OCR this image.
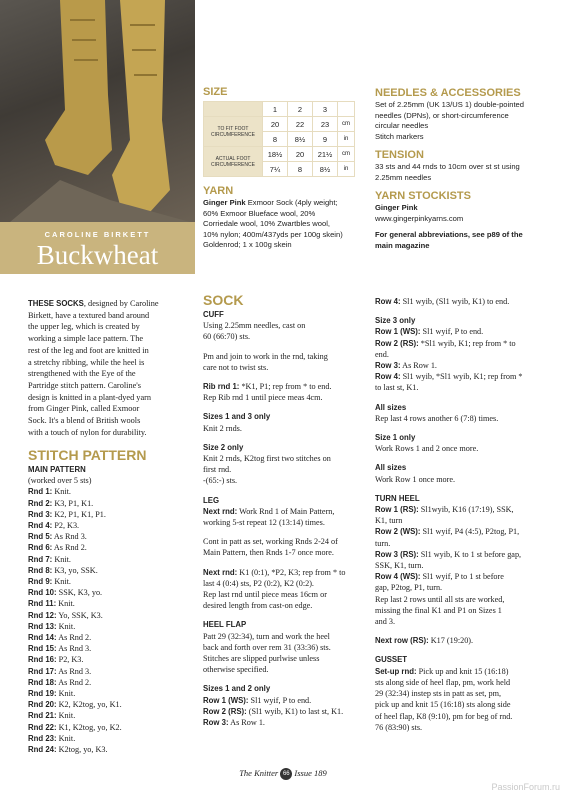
CAROLINE BIRKETT
Buckwheat
SIZE
	1	2	3	
TO FIT FOOT CIRCUMFERENCE	20	22	23	cm
	8	8½	9	in
ACTUAL FOOT CIRCUMFERENCE	18½	20	21½	cm
	7¼	8	8½	in
YARN
Ginger Pink Exmoor Sock (4ply weight;
60% Exmoor Blueface wool, 20%
Corriedale wool, 10% Zwartbles wool,
10% nylon; 400m/437yds per 100g skein)
Goldenrod; 1 x 100g skein
NEEDLES & ACCESSORIES
Set of 2.25mm (UK 13/US 1) double-pointed
needles (DPNs), or short-circumference
circular needles
Stitch markers
TENSION
33 sts and 44 rnds to 10cm over st st using
2.25mm needles
YARN STOCKISTS
Ginger Pink
www.gingerpinkyarns.com
For general abbreviations, see p89 of the
main magazine
THESE SOCKS, designed by Caroline
Birkett, have a textured band around
the upper leg, which is created by
working a simple lace pattern. The
rest of the leg and foot are knitted in
a stretchy ribbing, while the heel is
strengthened with the Eye of the
Partridge stitch pattern. Caroline's
design is knitted in a plant-dyed yarn
from Ginger Pink, called Exmoor
Sock. It's a blend of British wools
with a touch of nylon for durability.
STITCH PATTERN
MAIN PATTERN
(worked over 5 sts)
Rnd 1: Knit.
Rnd 2: K3, P1, K1.
Rnd 3: K2, P1, K1, P1.
Rnd 4: P2, K3.
Rnd 5: As Rnd 3.
Rnd 6: As Rnd 2.
Rnd 7: Knit.
Rnd 8: K3, yo, SSK.
Rnd 9: Knit.
Rnd 10: SSK, K3, yo.
Rnd 11: Knit.
Rnd 12: Yo, SSK, K3.
Rnd 13: Knit.
Rnd 14: As Rnd 2.
Rnd 15: As Rnd 3.
Rnd 16: P2, K3.
Rnd 17: As Rnd 3.
Rnd 18: As Rnd 2.
Rnd 19: Knit.
Rnd 20: K2, K2tog, yo, K1.
Rnd 21: Knit.
Rnd 22: K1, K2tog, yo, K2.
Rnd 23: Knit.
Rnd 24: K2tog, yo, K3.
SOCK
CUFF
Using 2.25mm needles, cast on
60 (66:70) sts.
Pm and join to work in the rnd, taking
care not to twist sts.
Rib rnd 1: *K1, P1; rep from * to end.
Rep Rib rnd 1 until piece meas 4cm.
Sizes 1 and 3 only
Knit 2 rnds.
Size 2 only
Knit 2 rnds, K2tog first two stitches on
first rnd.
-(65:-) sts.
LEG
Next rnd: Work Rnd 1 of Main Pattern,
working 5-st repeat 12 (13:14) times.
Cont in patt as set, working Rnds 2-24 of
Main Pattern, then Rnds 1-7 once more.
Next rnd: K1 (0:1), *P2, K3; rep from * to
last 4 (0:4) sts, P2 (0:2), K2 (0:2).
Rep last rnd until piece meas 16cm or
desired length from cast-on edge.
HEEL FLAP
Patt 29 (32:34), turn and work the heel
back and forth over rem 31 (33:36) sts.
Stitches are slipped purlwise unless
otherwise specified.
Sizes 1 and 2 only
Row 1 (WS): Sl1 wyif, P to end.
Row 2 (RS): (Sl1 wyib, K1) to last st, K1.
Row 3: As Row 1.
Row 4: Sl1 wyib, (Sl1 wyib, K1) to end.
Size 3 only
Row 1 (WS): Sl1 wyif, P to end.
Row 2 (RS): *Sl1 wyib, K1; rep from * to
end.
Row 3: As Row 1.
Row 4: Sl1 wyib, *Sl1 wyib, K1; rep from *
to last st, K1.
All sizes
Rep last 4 rows another 6 (7:8) times.
Size 1 only
Work Rows 1 and 2 once more.
All sizes
Work Row 1 once more.
TURN HEEL
Row 1 (RS): Sl1wyib, K16 (17:19), SSK,
K1, turn
Row 2 (WS): Sl1 wyif, P4 (4:5), P2tog, P1,
turn.
Row 3 (RS): Sl1 wyib, K to 1 st before gap,
SSK, K1, turn.
Row 4 (WS): Sl1 wyif, P to 1 st before
gap, P2tog, P1, turn.
Rep last 2 rows until all sts are worked,
missing the final K1 and P1 on Sizes 1
and 3.
Next row (RS): K17 (19:20).
GUSSET
Set-up rnd: Pick up and knit 15 (16:18)
sts along side of heel flap, pm, work held
29 (32:34) instep sts in patt as set, pm,
pick up and knit 15 (16:18) sts along side
of heel flap, K8 (9:10), pm for beg of rnd.
76 (83:90) sts.
The Knitter 66 Issue 189
PassionForum.ru
